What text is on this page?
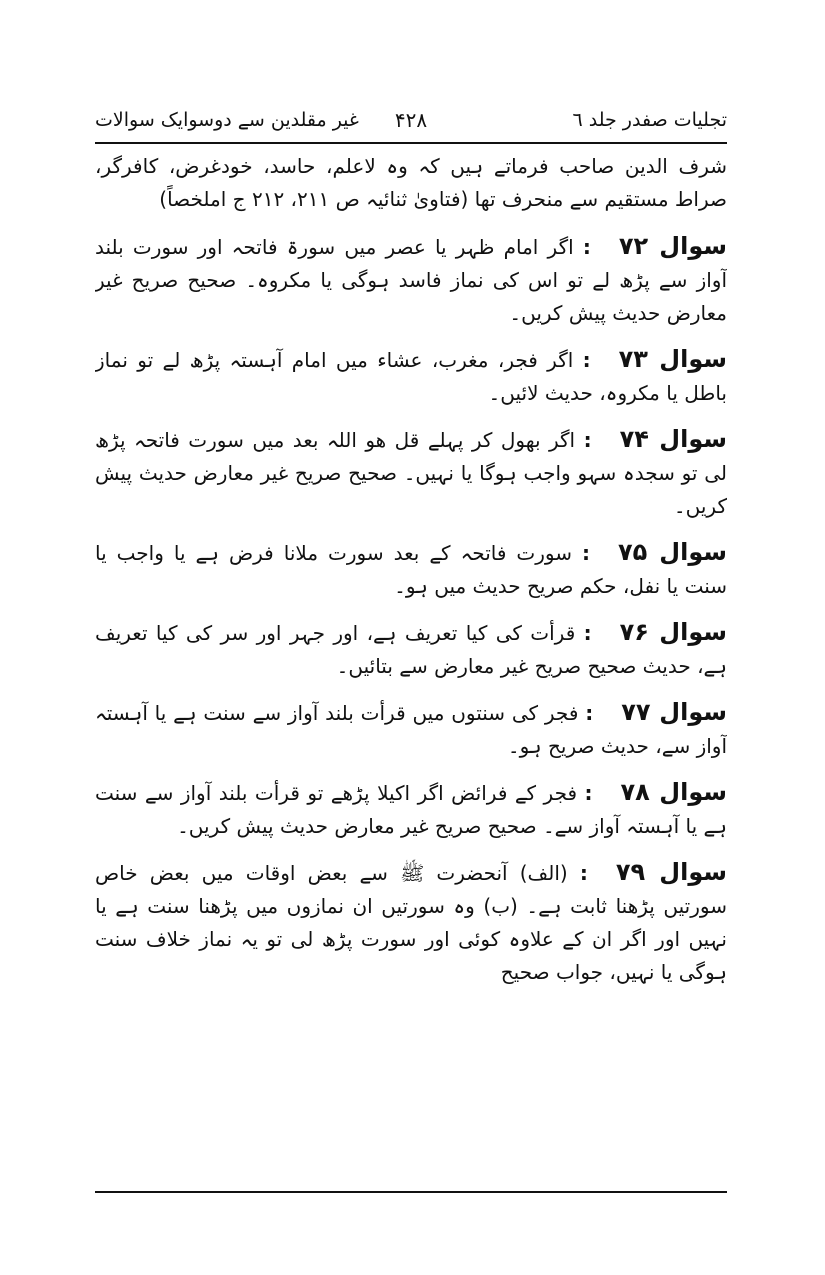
تجلیات صفدر جلد ٦
۴۲۸
غیر مقلدین سے دوسوایک سوالات

شرف الدین صاحب فرماتے ہیں کہ وہ لاعلم، حاسد، خودغرض، کافرگر، صراط مستقیم سے منحرف تھا (فتاویٰ ثنائیہ ص ۲۱۱، ۲۱۲ ج املخصاً)

سوال ۷۲: اگر امام ظہر یا عصر میں سورۃ فاتحہ اور سورت بلند آواز سے پڑھ لے تو اس کی نماز فاسد ہوگی یا مکروہ۔ صحیح صریح غیر معارض حدیث پیش کریں۔

سوال ۷۳: اگر فجر، مغرب، عشاء میں امام آہستہ پڑھ لے تو نماز باطل یا مکروہ، حدیث لائیں۔

سوال ۷۴: اگر بھول کر پہلے قل ھو اللہ بعد میں سورت فاتحہ پڑھ لی تو سجدہ سہو واجب ہوگا یا نہیں۔ صحیح صریح غیر معارض حدیث پیش کریں۔

سوال ۷۵: سورت فاتحہ کے بعد سورت ملانا فرض ہے یا واجب یا سنت یا نفل، حکم صریح حدیث میں ہو۔

سوال ۷۶: قرأت کی کیا تعریف ہے، اور جہر اور سر کی کیا تعریف ہے، حدیث صحیح صریح غیر معارض سے بتائیں۔

سوال ۷۷: فجر کی سنتوں میں قرأت بلند آواز سے سنت ہے یا آہستہ آواز سے، حدیث صریح ہو۔

سوال ۷۸: فجر کے فرائض اگر اکیلا پڑھے تو قرأت بلند آواز سے سنت ہے یا آہستہ آواز سے۔ صحیح صریح غیر معارض حدیث پیش کریں۔

سوال ۷۹: (الف) آنحضرت ﷺ سے بعض اوقات میں بعض خاص سورتیں پڑھنا ثابت ہے۔ (ب) وہ سورتیں ان نمازوں میں پڑھنا سنت ہے یا نہیں اور اگر ان کے علاوہ کوئی اور سورت پڑھ لی تو یہ نماز خلاف سنت ہوگی یا نہیں، جواب صحیح
